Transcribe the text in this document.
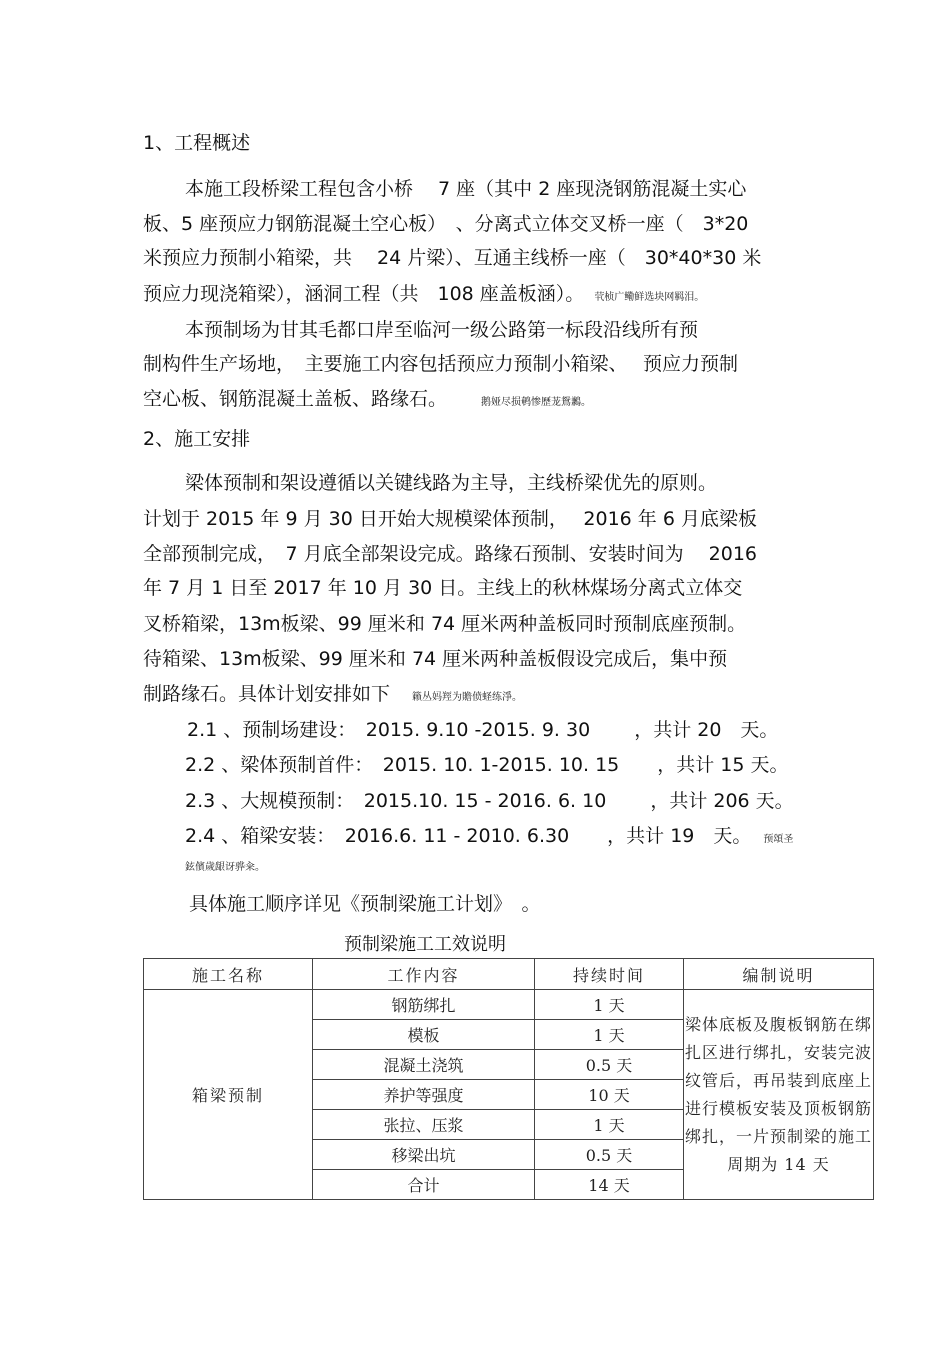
1、工程概述
本施工段桥梁工程包含小桥　 7 座（其中 2 座现浇钢筋混凝土实心
板、5 座预应力钢筋混凝土空心板）　、分离式立体交叉桥一座（　3*20
米预应力预制小箱梁，共　 24 片梁）、互通主线桥一座（　30*40*30 米
预应力现浇箱梁），涵洞工程（共　108 座盖板涵）。 茕桢广鳓鲜选块网羁泪。
本预制场为甘其毛都口岸至临河一级公路第一标段沿线所有预
制构件生产场地，　主要施工内容包括预应力预制小箱梁、　 预应力预制
空心板、钢筋混凝土盖板、路缘石。	鹅娅尽损鹌惨歷茏鴛鶼。
2、施工安排
梁体预制和架设遵循以关键线路为主导，主线桥梁优先的原则。
计划于 2015 年 9 月 30 日开始大规模梁体预制，　 2016 年 6 月底梁板
全部预制完成，　7 月底全部架设完成。路缘石预制、安装时间为　 2016
年 7 月 1 日至 2017 年 10 月 30 日。主线上的秋林煤场分离式立体交
叉桥箱梁，13m板梁、99 厘米和 74 厘米两种盖板同时预制底座预制。
待箱梁、13m板梁、99 厘米和 74 厘米两种盖板假设完成后，集中预
制路缘石。具体计划安排如下 籟丛妈羥为贍偾蛏练淨。
2.1 、预制场建设：　2015. 9.10 -2015. 9. 30　　 ，共计 20　天。
2.2 、梁体预制首件：　2015. 10. 1-2015. 10. 15　　，共计 15 天。
2.3 、大规模预制：　2015.10. 15 - 2016. 6. 10　　 ，共计 206 天。
2.4 、箱梁安装：　2016.6. 11 - 2010. 6.30　　，共计 19　天。 预頌圣
鉉儐歲龈讶骅籴。
具体施工顺序详见《预制梁施工计划》　。
预制梁施工工效说明
施工名称	工作内容	持续时间	编制说明
箱梁预制	钢筋绑扎	1 天	梁体底板及腹板钢筋在绑扎区进行绑扎，安装完波纹管后，再吊装到底座上进行模板安装及顶板钢筋绑扎，一片预制梁的施工周期为 14 天
	模板	1 天	
	混凝土浇筑	0.5 天	
	养护等强度	10 天	
	张拉、压浆	1 天	
	移梁出坑	0.5 天	
	合计	14 天	
